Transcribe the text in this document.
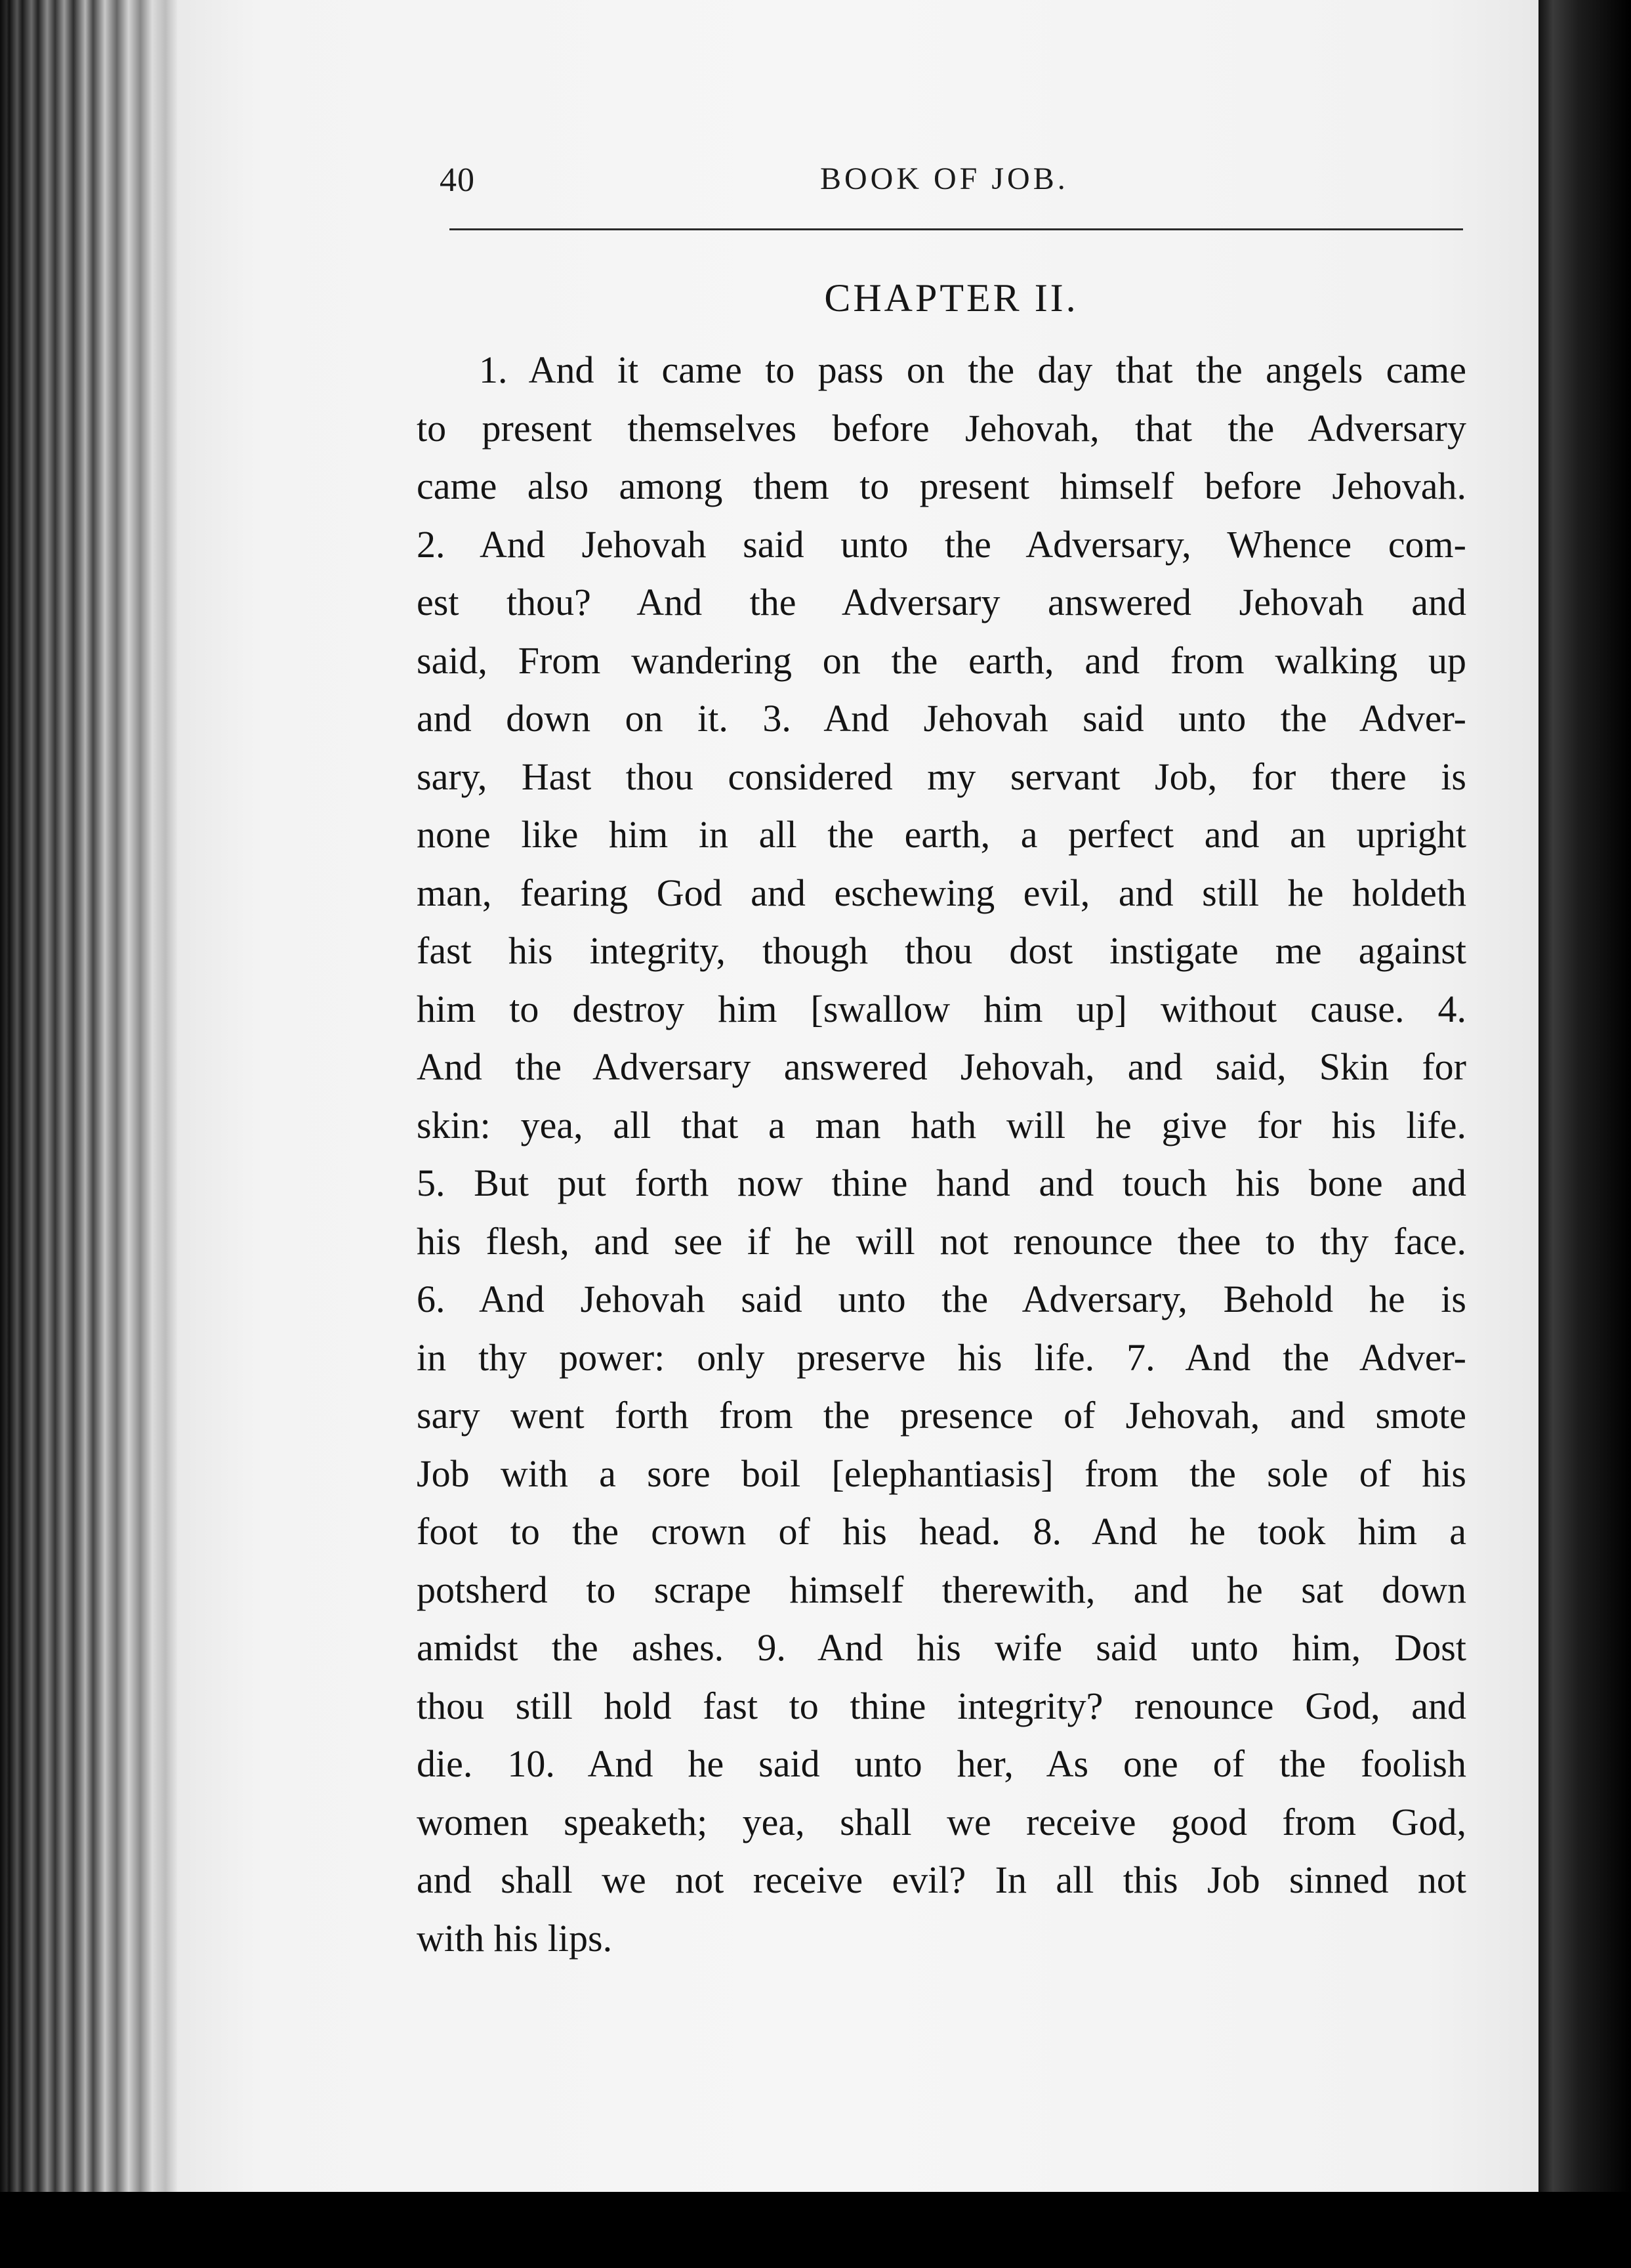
40	BOOK OF JOB.
CHAPTER II.
1. And it came to pass on the day that the angels came
to present themselves before Jehovah, that the Adversary
came also among them to present himself before Jehovah.
2. And Jehovah said unto the Adversary, Whence com-
est thou? And the Adversary answered Jehovah and
said, From wandering on the earth, and from walking up
and down on it. 3. And Jehovah said unto the Adver-
sary, Hast thou considered my servant Job, for there is
none like him in all the earth, a perfect and an upright
man, fearing God and eschewing evil, and still he holdeth
fast his integrity, though thou dost instigate me against
him to destroy him [swallow him up] without cause. 4.
And the Adversary answered Jehovah, and said, Skin for
skin: yea, all that a man hath will he give for his life.
5. But put forth now thine hand and touch his bone and
his flesh, and see if he will not renounce thee to thy face.
6. And Jehovah said unto the Adversary, Behold he is
in thy power: only preserve his life. 7. And the Adver-
sary went forth from the presence of Jehovah, and smote
Job with a sore boil [elephantiasis] from the sole of his
foot to the crown of his head. 8. And he took him a
potsherd to scrape himself therewith, and he sat down
amidst the ashes. 9. And his wife said unto him, Dost
thou still hold fast to thine integrity? renounce God, and
die. 10. And he said unto her, As one of the foolish
women speaketh; yea, shall we receive good from God,
and shall we not receive evil? In all this Job sinned not
with his lips.
